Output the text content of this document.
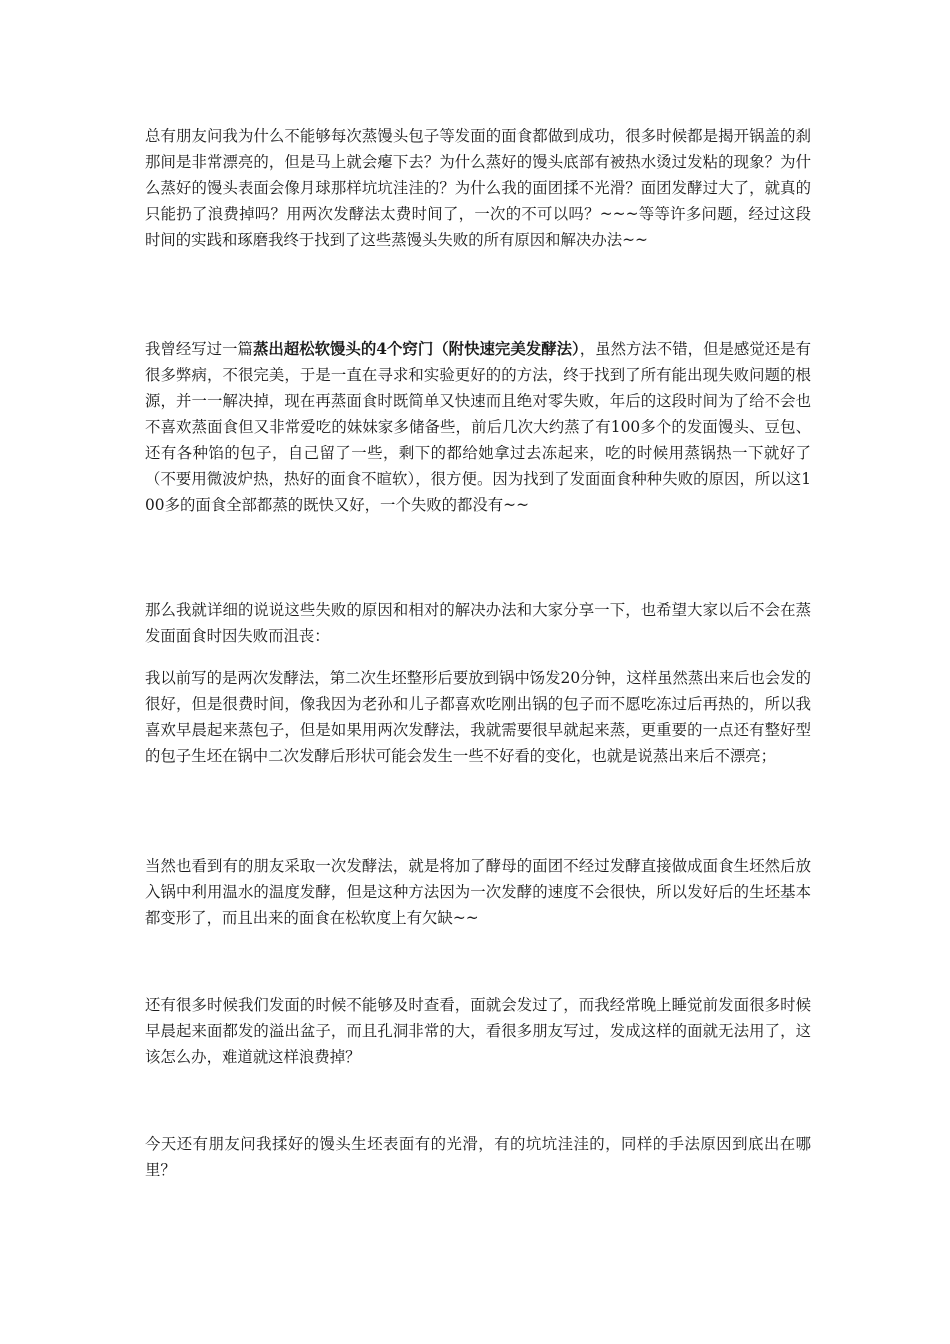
总有朋友问我为什么不能够每次蒸馒头包子等发面的面食都做到成功，很多时候都是揭开锅盖的刹那间是非常漂亮的，但是马上就会瘪下去？为什么蒸好的馒头底部有被热水烫过发粘的现象？为什么蒸好的馒头表面会像月球那样坑坑洼洼的？为什么我的面团揉不光滑？面团发酵过大了，就真的只能扔了浪费掉吗？用两次发酵法太费时间了，一次的不可以吗？~~~等等许多问题，经过这段时间的实践和琢磨我终于找到了这些蒸馒头失败的所有原因和解决办法~~

我曾经写过一篇蒸出超松软馒头的4个窍门（附快速完美发酵法），虽然方法不错，但是感觉还是有很多弊病，不很完美，于是一直在寻求和实验更好的的方法，终于找到了所有能出现失败问题的根源，并一一解决掉，现在再蒸面食时既简单又快速而且绝对零失败，年后的这段时间为了给不会也不喜欢蒸面食但又非常爱吃的妹妹家多储备些，前后几次大约蒸了有100多个的发面馒头、豆包、还有各种馅的包子，自己留了一些，剩下的都给她拿过去冻起来，吃的时候用蒸锅热一下就好了（不要用微波炉热，热好的面食不暄软），很方便。因为找到了发面面食种种失败的原因，所以这100多的面食全部都蒸的既快又好，一个失败的都没有~~

那么我就详细的说说这些失败的原因和相对的解决办法和大家分享一下，也希望大家以后不会在蒸发面面食时因失败而沮丧：

我以前写的是两次发酵法，第二次生坯整形后要放到锅中饧发20分钟，这样虽然蒸出来后也会发的很好，但是很费时间，像我因为老孙和儿子都喜欢吃刚出锅的包子而不愿吃冻过后再热的，所以我喜欢早晨起来蒸包子，但是如果用两次发酵法，我就需要很早就起来蒸，更重要的一点还有整好型的包子生坯在锅中二次发酵后形状可能会发生一些不好看的变化，也就是说蒸出来后不漂亮；

当然也看到有的朋友采取一次发酵法，就是将加了酵母的面团不经过发酵直接做成面食生坯然后放入锅中利用温水的温度发酵，但是这种方法因为一次发酵的速度不会很快，所以发好后的生坯基本都变形了，而且出来的面食在松软度上有欠缺~~

还有很多时候我们发面的时候不能够及时查看，面就会发过了，而我经常晚上睡觉前发面很多时候早晨起来面都发的溢出盆子，而且孔洞非常的大，看很多朋友写过，发成这样的面就无法用了，这该怎么办，难道就这样浪费掉？

今天还有朋友问我揉好的馒头生坯表面有的光滑，有的坑坑洼洼的，同样的手法原因到底出在哪里？
